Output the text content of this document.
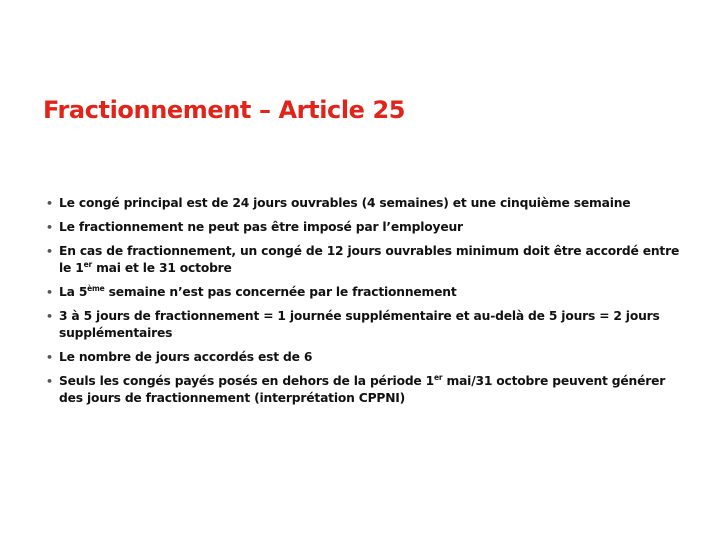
Fractionnement – Article 25
• Le congé principal est de 24 jours ouvrables (4 semaines) et une cinquième semaine
• Le fractionnement ne peut pas être imposé par l’employeur
• En cas de fractionnement, un congé de 12 jours ouvrables minimum doit être accordé entre le 1er mai et le 31 octobre
• La 5ème semaine n’est pas concernée par le fractionnement
• 3 à 5 jours de fractionnement = 1 journée supplémentaire et au-delà de 5 jours = 2 jours supplémentaires
• Le nombre de jours accordés est de 6
• Seuls les congés payés posés en dehors de la période 1er mai/31 octobre peuvent générer des jours de fractionnement (interprétation CPPNI)
